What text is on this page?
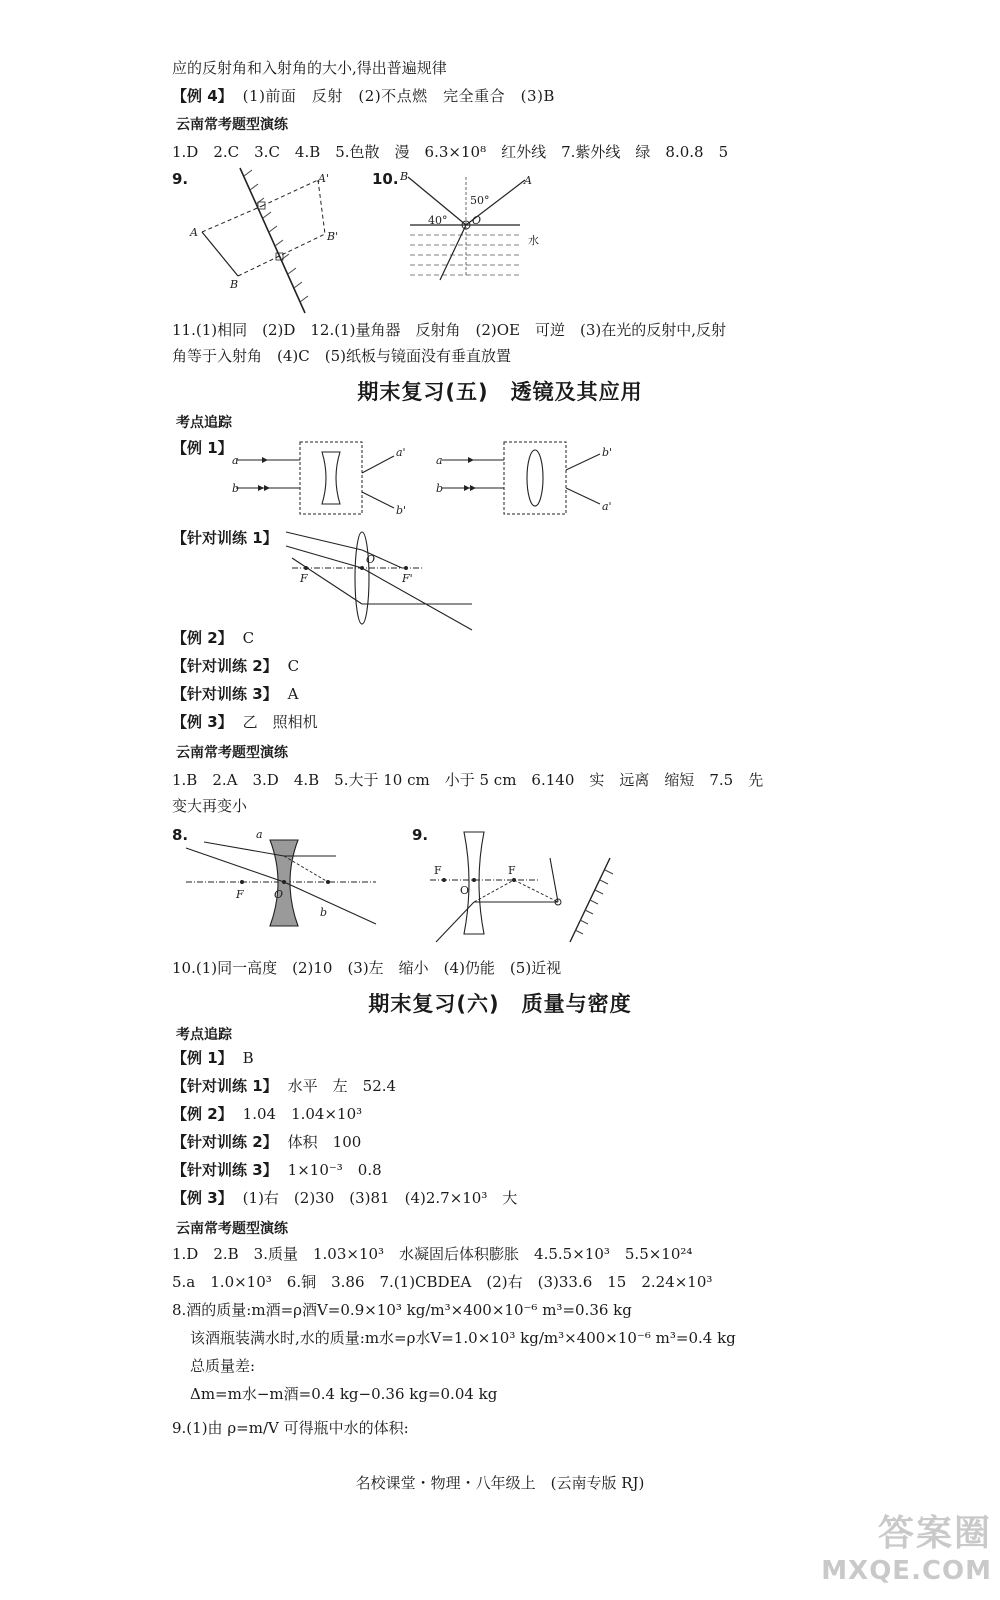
应的反射角和入射角的大小,得出普遍规律
【例 4】 (1)前面　反射　(2)不点燃　完全重合　(3)B
云南常考题型演练
1.D　2.C　3.C　4.B　5.色散　漫　6.3×10⁸　红外线　7.紫外线　绿　8.0.8　5
9.	A'
A	B'
B
10. B	A
50°
40° O
水
11.(1)相同　(2)D　12.(1)量角器　反射角　(2)OE　可逆　(3)在光的反射中,反射
角等于入射角　(4)C　(5)纸板与镜面没有垂直放置
期末复习(五)　透镜及其应用
考点追踪
【例 1】
a
b
a'
b'
a
b
b'
a'
【针对训练 1】
O
F	F'
【例 2】 C
【针对训练 2】 C
【针对训练 3】 A
【例 3】 乙　照相机
云南常考题型演练
1.B　2.A　3.D　4.B　5.大于 10 cm　小于 5 cm　6.140　实　远离　缩短　7.5　先
变大再变小
8.	a
F	O
b
9.
F
O
F
10.(1)同一高度　(2)10　(3)左　缩小　(4)仍能　(5)近视
期末复习(六)　质量与密度
考点追踪
【例 1】 B
【针对训练 1】 水平　左　52.4
【例 2】 1.04　1.04×10³
【针对训练 2】 体积　100
【针对训练 3】 1×10⁻³　0.8
【例 3】 (1)右　(2)30　(3)81　(4)2.7×10³　大
云南常考题型演练
1.D　2.B　3.质量　1.03×10³　水凝固后体积膨胀　4.5.5×10³　5.5×10²⁴
5.a　1.0×10³　6.铜　3.86　7.(1)CBDEA　(2)右　(3)33.6　15　2.24×10³
8.酒的质量:m酒=ρ酒V=0.9×10³ kg/m³×400×10⁻⁶ m³=0.36 kg
该酒瓶装满水时,水的质量:m水=ρ水V=1.0×10³ kg/m³×400×10⁻⁶ m³=0.4 kg
总质量差:
Δm=m水−m酒=0.4 kg−0.36 kg=0.04 kg
9.(1)由 ρ=m/V 可得瓶中水的体积:
名校课堂・物理・八年级上　(云南专版 RJ)
答案圈
MXQE.COM
